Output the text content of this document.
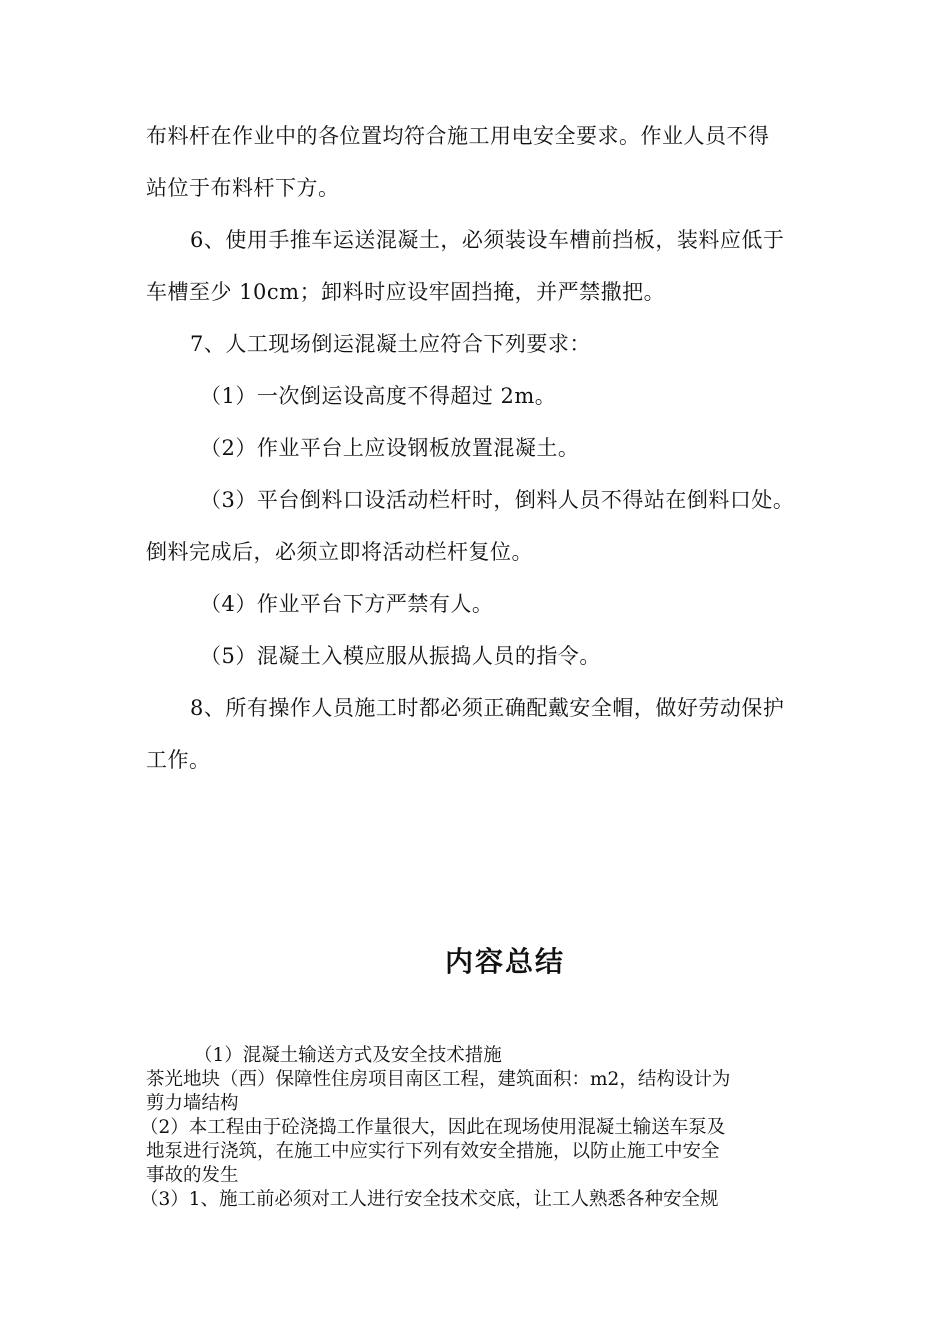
布料杆在作业中的各位置均符合施工用电安全要求。作业人员不得

站位于布料杆下方。

6、使用手推车运送混凝土，必须装设车槽前挡板，装料应低于

车槽至少 10cm；卸料时应设牢固挡掩，并严禁撒把。

7、人工现场倒运混凝土应符合下列要求：

（1）一次倒运设高度不得超过 2m。

（2）作业平台上应设钢板放置混凝土。

（3）平台倒料口设活动栏杆时，倒料人员不得站在倒料口处。

倒料完成后，必须立即将活动栏杆复位。

（4）作业平台下方严禁有人。

（5）混凝土入模应服从振捣人员的指令。

8、所有操作人员施工时都必须正确配戴安全帽，做好劳动保护

工作。

内容总结

（1）混凝土输送方式及安全技术措施

茶光地块（西）保障性住房项目南区工程，建筑面积：m2，结构设计为

剪力墙结构

（2）本工程由于砼浇捣工作量很大，因此在现场使用混凝土输送车泵及

地泵进行浇筑，在施工中应实行下列有效安全措施，以防止施工中安全

事故的发生

（3）1、施工前必须对工人进行安全技术交底，让工人熟悉各种安全规
